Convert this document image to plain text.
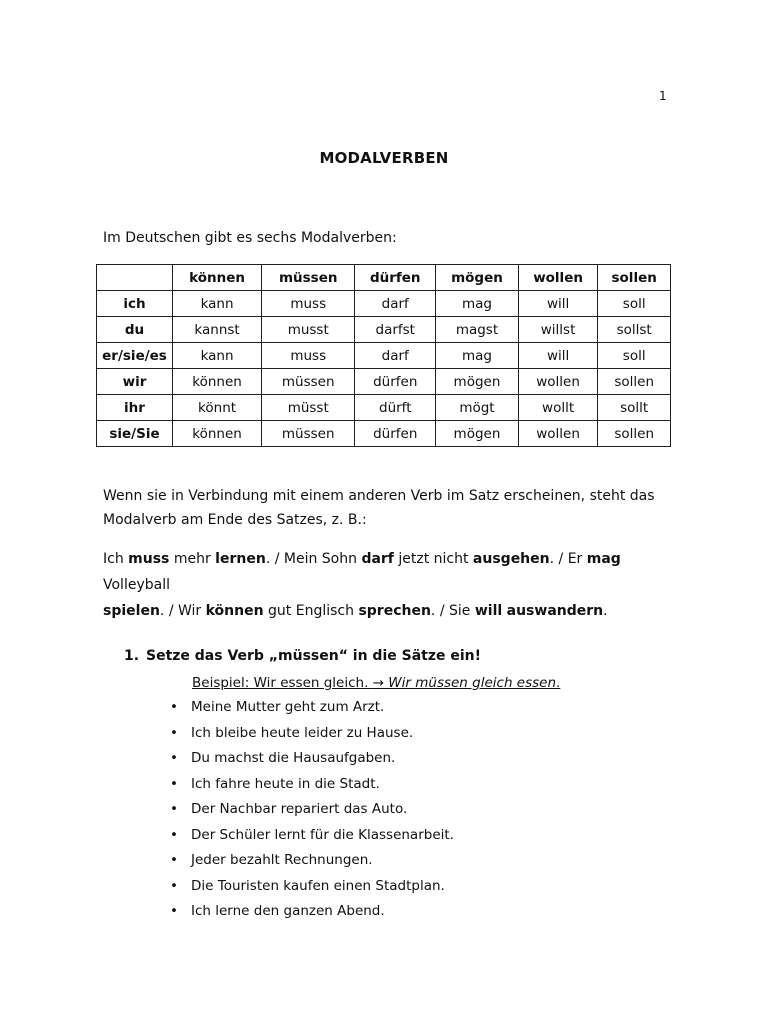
1
MODALVERBEN
Im Deutschen gibt es sechs Modalverben:
	können	müssen	dürfen	mögen	wollen	sollen
ich	kann	muss	darf	mag	will	soll
du	kannst	musst	darfst	magst	willst	sollst
er/sie/es	kann	muss	darf	mag	will	soll
wir	können	müssen	dürfen	mögen	wollen	sollen
ihr	könnt	müsst	dürft	mögt	wollt	sollt
sie/Sie	können	müssen	dürfen	mögen	wollen	sollen
Wenn sie in Verbindung mit einem anderen Verb im Satz erscheinen, steht das
Modalverb am Ende des Satzes, z. B.:
Ich muss mehr lernen. / Mein Sohn darf jetzt nicht ausgehen. / Er mag Volleyball
spielen. / Wir können gut Englisch sprechen. / Sie will auswandern.
1. Setze das Verb „müssen“ in die Sätze ein!
Beispiel: Wir essen gleich. → Wir müssen gleich essen.
• Meine Mutter geht zum Arzt.
• Ich bleibe heute leider zu Hause.
• Du machst die Hausaufgaben.
• Ich fahre heute in die Stadt.
• Der Nachbar repariert das Auto.
• Der Schüler lernt für die Klassenarbeit.
• Jeder bezahlt Rechnungen.
• Die Touristen kaufen einen Stadtplan.
• Ich lerne den ganzen Abend.
